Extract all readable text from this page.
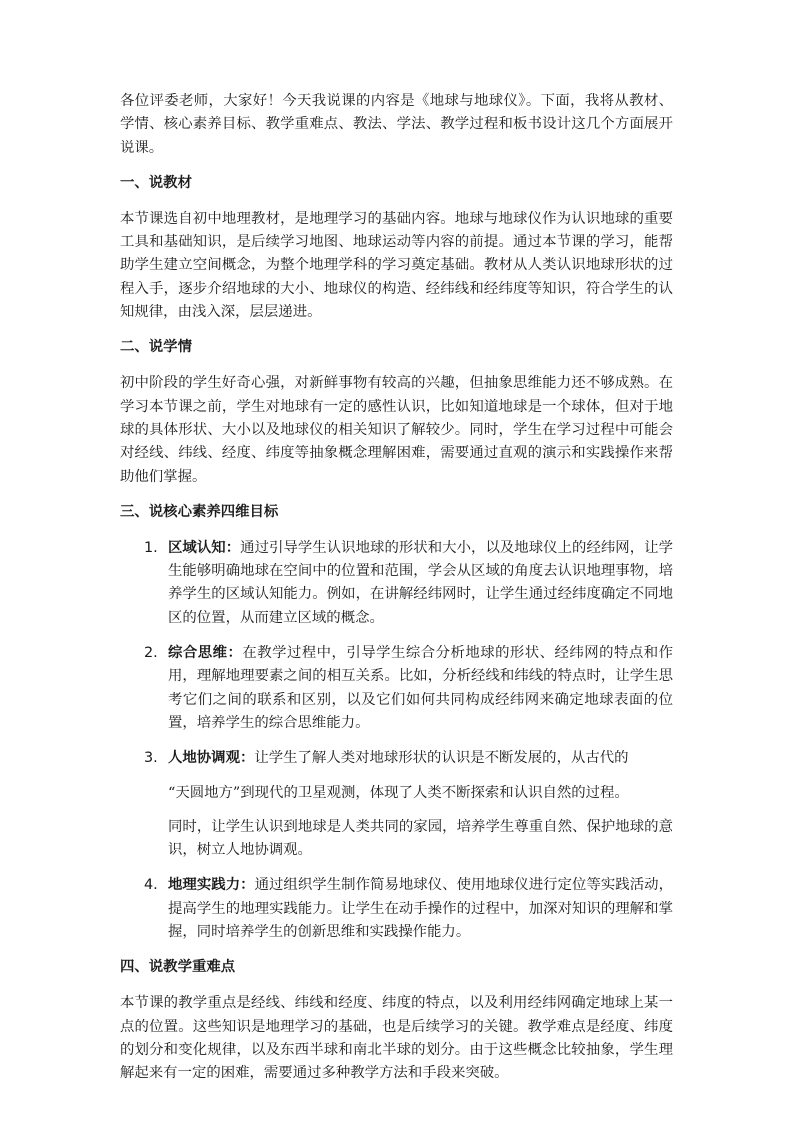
各位评委老师，大家好！今天我说课的内容是《地球与地球仪》。下面，我将从教材、学情、核心素养目标、教学重难点、教法、学法、教学过程和板书设计这几个方面展开说课。

一、说教材

本节课选自初中地理教材，是地理学习的基础内容。地球与地球仪作为认识地球的重要工具和基础知识，是后续学习地图、地球运动等内容的前提。通过本节课的学习，能帮助学生建立空间概念，为整个地理学科的学习奠定基础。教材从人类认识地球形状的过程入手，逐步介绍地球的大小、地球仪的构造、经纬线和经纬度等知识，符合学生的认知规律，由浅入深，层层递进。

二、说学情

初中阶段的学生好奇心强，对新鲜事物有较高的兴趣，但抽象思维能力还不够成熟。在学习本节课之前，学生对地球有一定的感性认识，比如知道地球是一个球体，但对于地球的具体形状、大小以及地球仪的相关知识了解较少。同时，学生在学习过程中可能会对经线、纬线、经度、纬度等抽象概念理解困难，需要通过直观的演示和实践操作来帮助他们掌握。

三、说核心素养四维目标
1. 区域认知：通过引导学生认识地球的形状和大小，以及地球仪上的经纬网，让学生能够明确地球在空间中的位置和范围，学会从区域的角度去认识地理事物，培养学生的区域认知能力。例如，在讲解经纬网时，让学生通过经纬度确定不同地区的位置，从而建立区域的概念。
2. 综合思维：在教学过程中，引导学生综合分析地球的形状、经纬网的特点和作用，理解地理要素之间的相互关系。比如，分析经线和纬线的特点时，让学生思考它们之间的联系和区别，以及它们如何共同构成经纬网来确定地球表面的位置，培养学生的综合思维能力。
3. 人地协调观：让学生了解人类对地球形状的认识是不断发展的，从古代的
“天圆地方”到现代的卫星观测，体现了人类不断探索和认识自然的过程。
同时，让学生认识到地球是人类共同的家园，培养学生尊重自然、保护地球的意识，树立人地协调观。
4. 地理实践力：通过组织学生制作简易地球仪、使用地球仪进行定位等实践活动，提高学生的地理实践能力。让学生在动手操作的过程中，加深对知识的理解和掌握，同时培养学生的创新思维和实践操作能力。
四、说教学重难点

本节课的教学重点是经线、纬线和经度、纬度的特点，以及利用经纬网确定地球上某一点的位置。这些知识是地理学习的基础，也是后续学习的关键。教学难点是经度、纬度的划分和变化规律，以及东西半球和南北半球的划分。由于这些概念比较抽象，学生理解起来有一定的困难，需要通过多种教学方法和手段来突破。
